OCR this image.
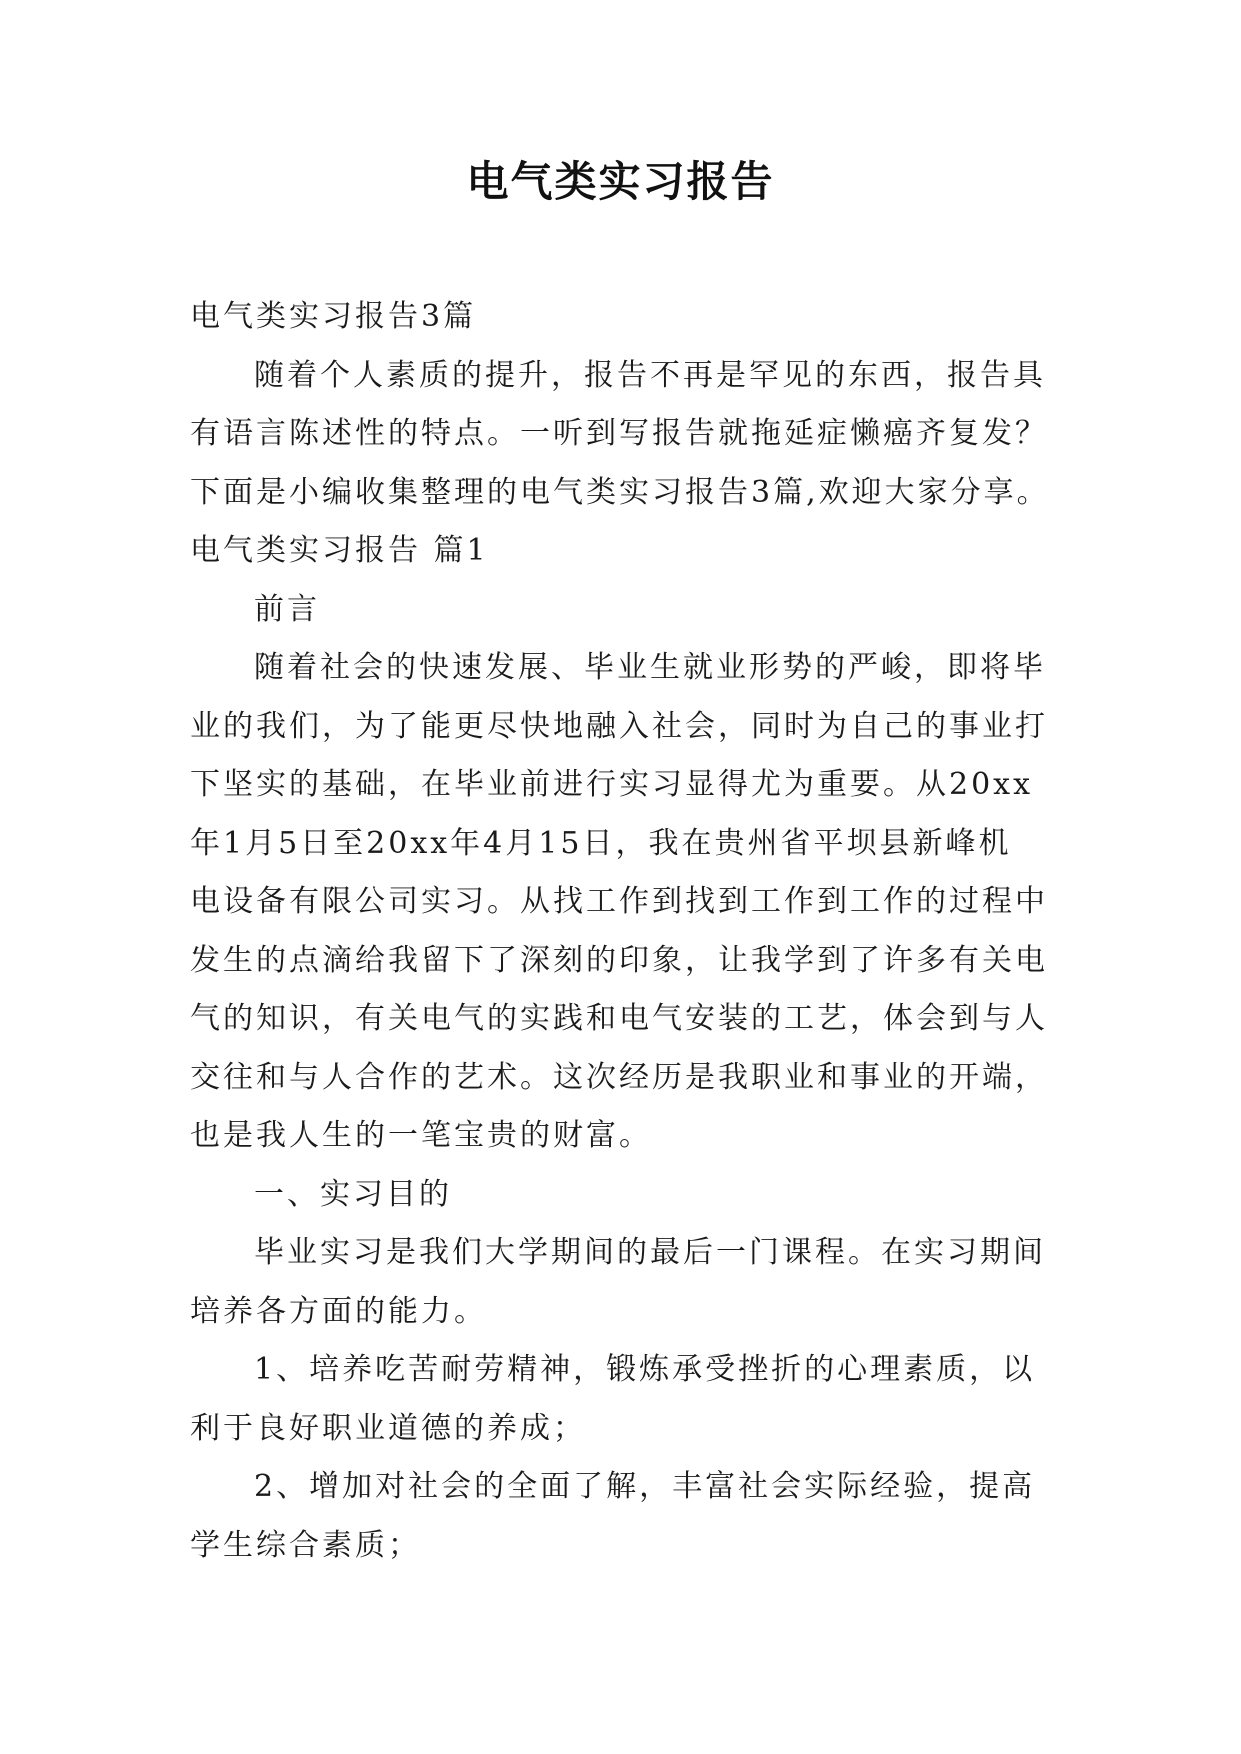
电气类实习报告
电气类实习报告3篇
随着个人素质的提升，报告不再是罕见的东西，报告具
有语言陈述性的特点。一听到写报告就拖延症懒癌齐复发？
下面是小编收集整理的电气类实习报告3篇,欢迎大家分享。
电气类实习报告 篇1
前言
随着社会的快速发展、毕业生就业形势的严峻，即将毕
业的我们，为了能更尽快地融入社会，同时为自己的事业打
下坚实的基础，在毕业前进行实习显得尤为重要。从20xx
年1月5日至20xx年4月15日，我在贵州省平坝县新峰机
电设备有限公司实习。从找工作到找到工作到工作的过程中
发生的点滴给我留下了深刻的印象，让我学到了许多有关电
气的知识，有关电气的实践和电气安装的工艺，体会到与人
交往和与人合作的艺术。这次经历是我职业和事业的开端，
也是我人生的一笔宝贵的财富。
一、实习目的
毕业实习是我们大学期间的最后一门课程。在实习期间
培养各方面的能力。
1、培养吃苦耐劳精神，锻炼承受挫折的心理素质，以
利于良好职业道德的养成；
2、增加对社会的全面了解，丰富社会实际经验，提高
学生综合素质；
